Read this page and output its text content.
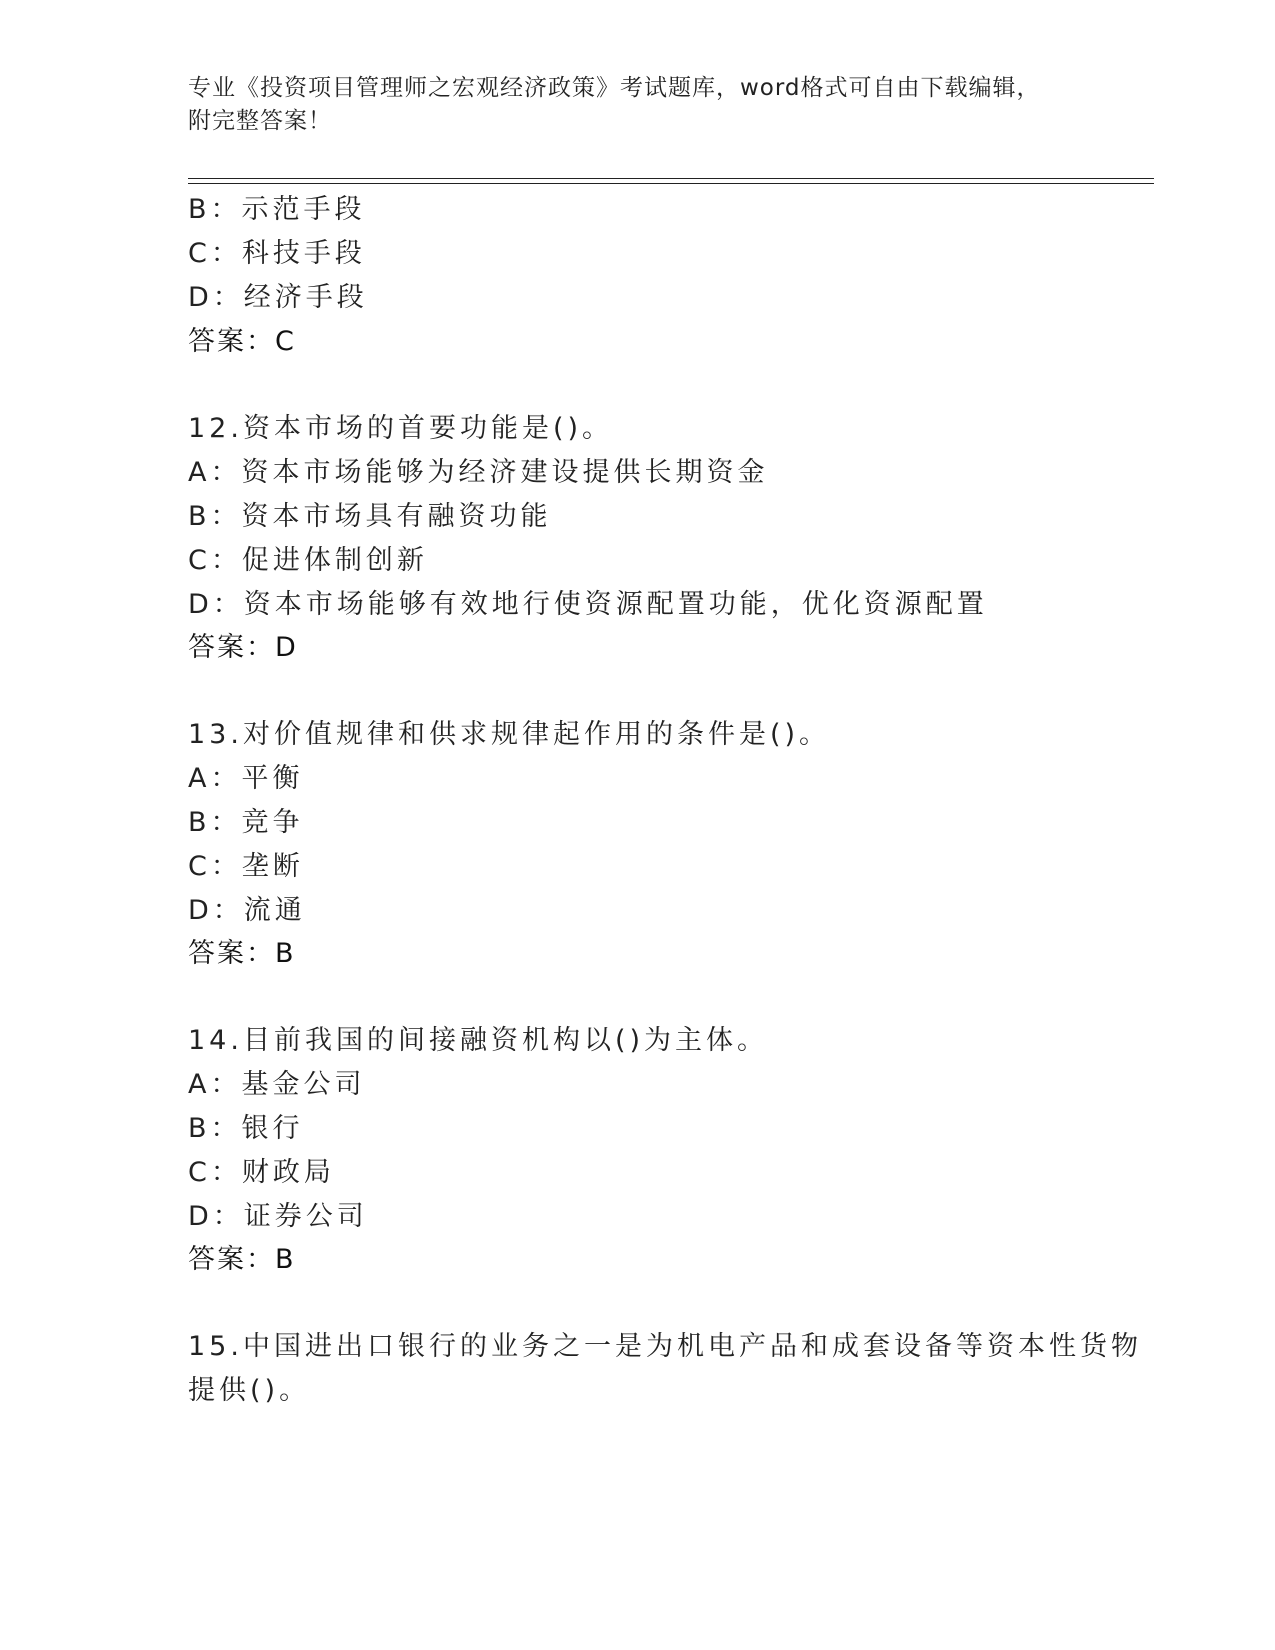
专业《投资项目管理师之宏观经济政策》考试题库，word格式可自由下载编辑，
附完整答案！
B：示范手段
C：科技手段
D：经济手段
答案：C
12.资本市场的首要功能是()。
A：资本市场能够为经济建设提供长期资金
B：资本市场具有融资功能
C：促进体制创新
D：资本市场能够有效地行使资源配置功能，优化资源配置
答案：D
13.对价值规律和供求规律起作用的条件是()。
A：平衡
B：竞争
C：垄断
D：流通
答案：B
14.目前我国的间接融资机构以()为主体。
A：基金公司
B：银行
C：财政局
D：证券公司
答案：B
15.中国进出口银行的业务之一是为机电产品和成套设备等资本性货物
提供()。
